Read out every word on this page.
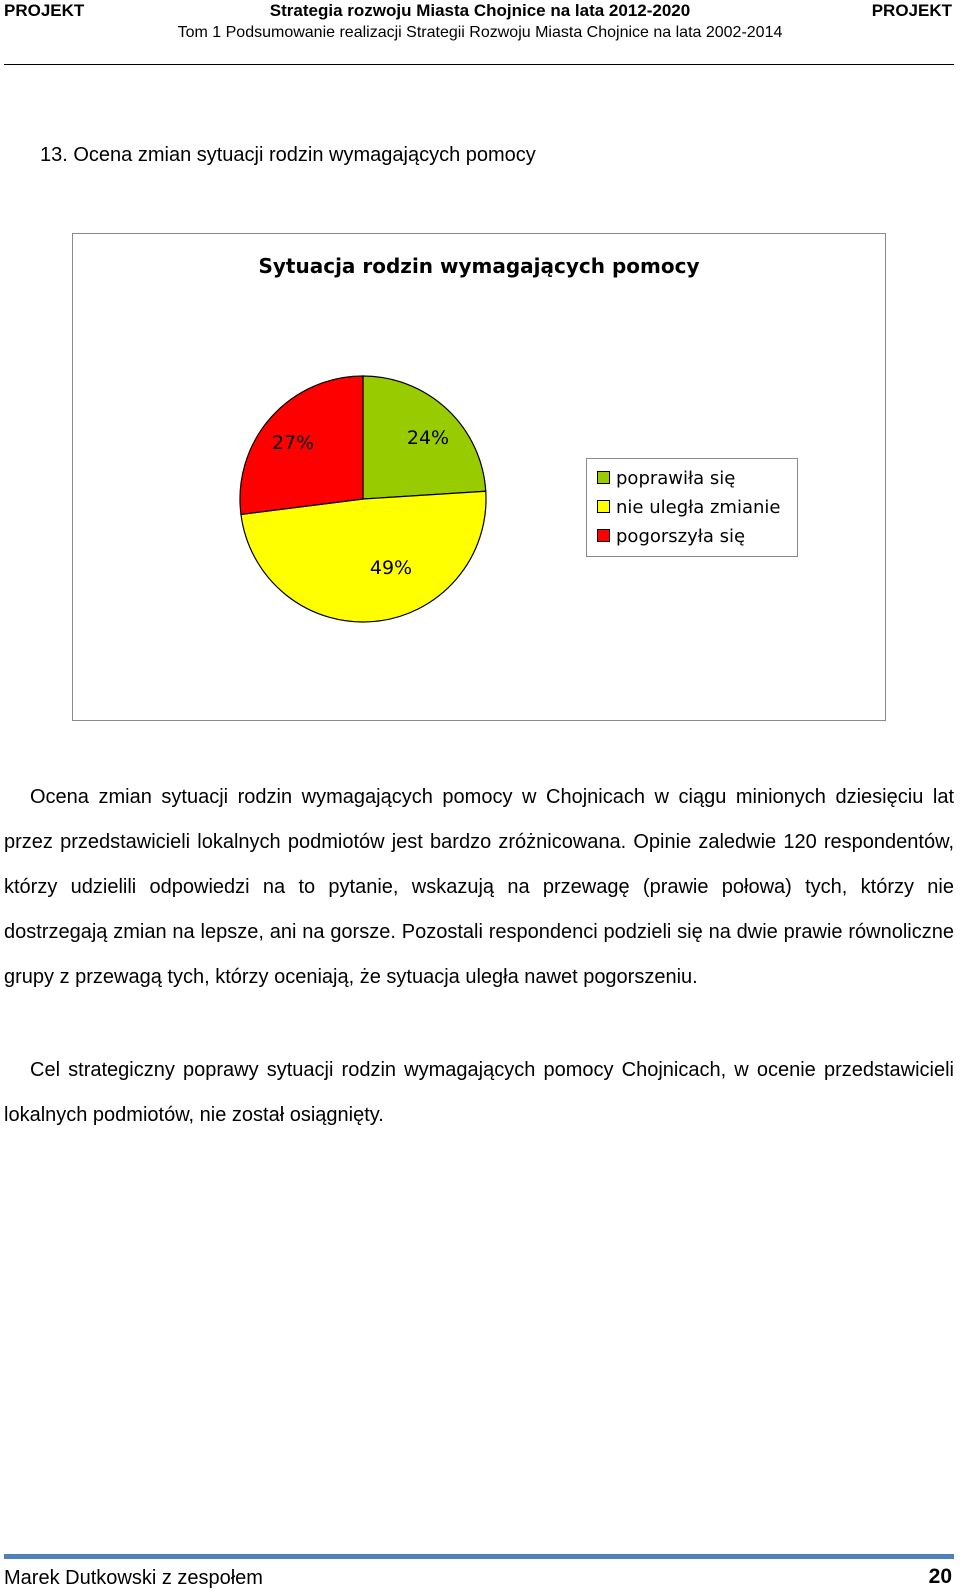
PROJEKT	Strategia rozwoju Miasta Chojnice na lata 2012-2020	PROJEKT
Tom 1 Podsumowanie realizacji Strategii Rozwoju Miasta Chojnice na lata 2002-2014
13. Ocena zmian sytuacji rodzin wymagających pomocy
24%
49%
27%
Sytuacja rodzin wymagających pomocy
poprawiła się
nie uległa zmianie
pogorszyła się
Ocena zmian sytuacji rodzin wymagających pomocy w Chojnicach w ciągu minionych dziesięciu lat przez przedstawicieli lokalnych podmiotów jest bardzo zróżnicowana. Opinie zaledwie 120 respondentów, którzy udzielili odpowiedzi na to pytanie, wskazują na przewagę (prawie połowa) tych, którzy nie dostrzegają zmian na lepsze, ani na gorsze. Pozostali respondenci podzieli się na dwie prawie równoliczne grupy z przewagą tych, którzy oceniają, że sytuacja uległa nawet pogorszeniu.
Cel strategiczny poprawy sytuacji rodzin wymagających pomocy Chojnicach, w ocenie przedstawicieli lokalnych podmiotów, nie został osiągnięty.
Marek Dutkowski z zespołem	20
